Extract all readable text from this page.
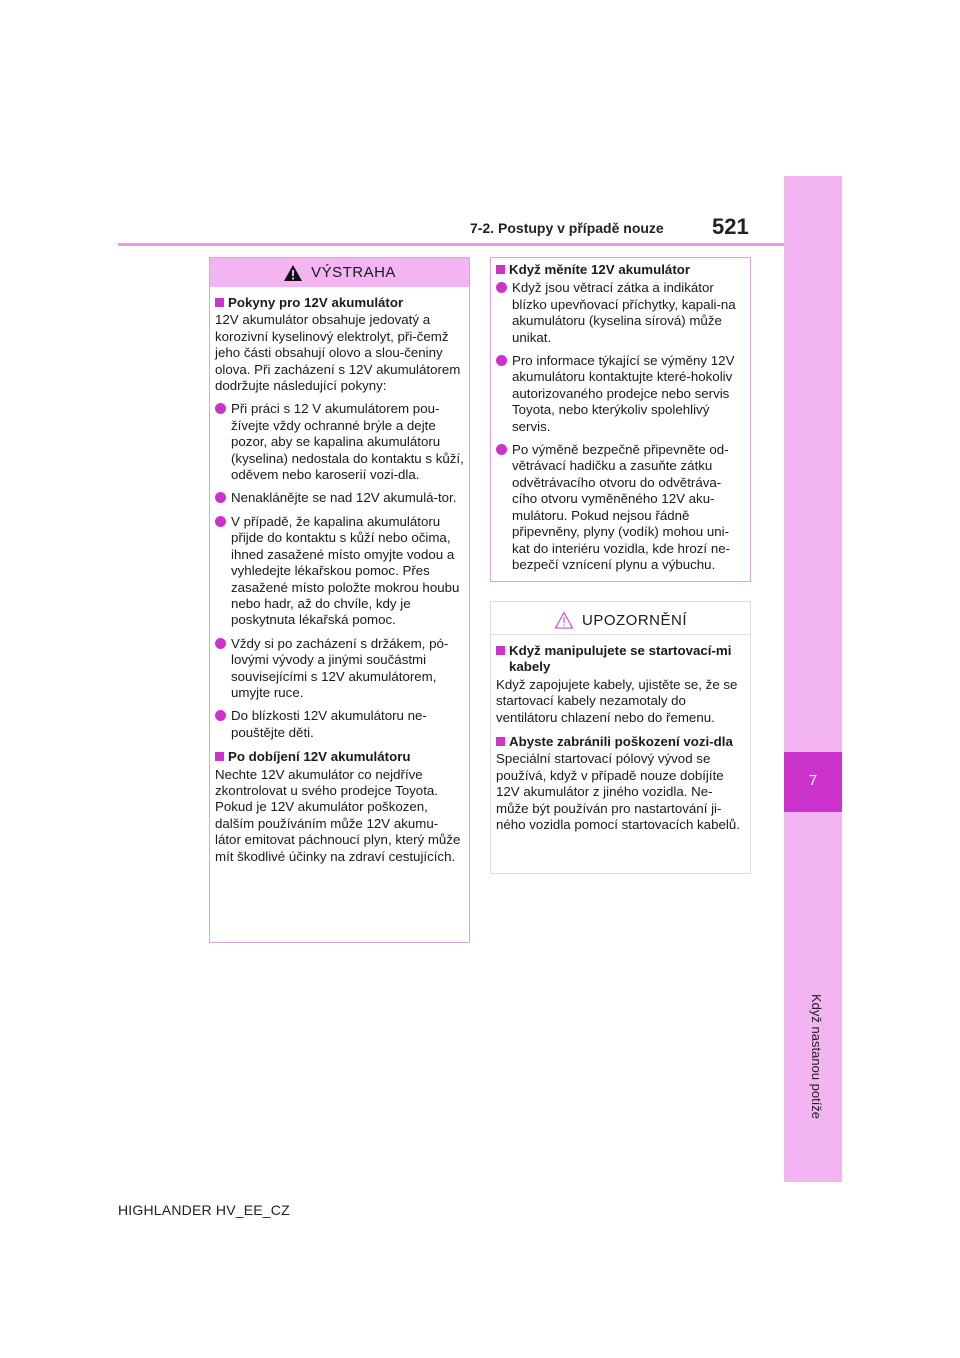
7
Když nastanou potíže
7-2. Postupy v případě nouze 521
VÝSTRAHA
Pokyny pro 12V akumulátor
12V akumulátor obsahuje jedovatý a korozivní kyselinový elektrolyt, při-čemž jeho části obsahují olovo a slou-čeniny olova. Při zacházení s 12V akumulátorem dodržujte následující pokyny:
Při práci s 12 V akumulátorem pou-žívejte vždy ochranné brýle a dejte pozor, aby se kapalina akumulátoru (kyselina) nedostala do kontaktu s kůží, oděvem nebo karoserií vozi-dla.
Nenaklánějte se nad 12V akumulá-tor.
V případě, že kapalina akumulátoru přijde do kontaktu s kůží nebo očima, ihned zasažené místo omyjte vodou a vyhledejte lékařskou pomoc. Přes zasažené místo položte mokrou houbu nebo hadr, až do chvíle, kdy je poskytnuta lékařská pomoc.
Vždy si po zacházení s držákem, pó-lovými vývody a jinými součástmi souvisejícími s 12V akumulátorem, umyjte ruce.
Do blízkosti 12V akumulátoru ne-pouštějte děti.
Po dobíjení 12V akumulátoru
Nechte 12V akumulátor co nejdříve zkontrolovat u svého prodejce Toyota. Pokud je 12V akumulátor poškozen, dalším používáním může 12V akumu-látor emitovat páchnoucí plyn, který může mít škodlivé účinky na zdraví cestujících.
Když měníte 12V akumulátor
Když jsou větrací zátka a indikátor blízko upevňovací příchytky, kapali-na akumulátoru (kyselina sírová) může unikat.
Pro informace týkající se výměny 12V akumulátoru kontaktujte které-hokoliv autorizovaného prodejce nebo servis Toyota, nebo kterýkoliv spolehlivý servis.
Po výměně bezpečně připevněte od-větrávací hadičku a zasuňte zátku odvětrávacího otvoru do odvětráva-cího otvoru vyměněného 12V aku-mulátoru. Pokud nejsou řádně připevněny, plyny (vodík) mohou uni-kat do interiéru vozidla, kde hrozí ne-bezpečí vznícení plynu a výbuchu.
UPOZORNĚNÍ
Když manipulujete se startovací-mi kabely
Když zapojujete kabely, ujistěte se, že se startovací kabely nezamotaly do ventilátoru chlazení nebo do řemenu.
Abyste zabránili poškození vozi-dla
Speciální startovací pólový vývod se používá, když v případě nouze dobíjíte 12V akumulátor z jiného vozidla. Ne-může být používán pro nastartování ji-ného vozidla pomocí startovacích kabelů.
HIGHLANDER HV_EE_CZ
